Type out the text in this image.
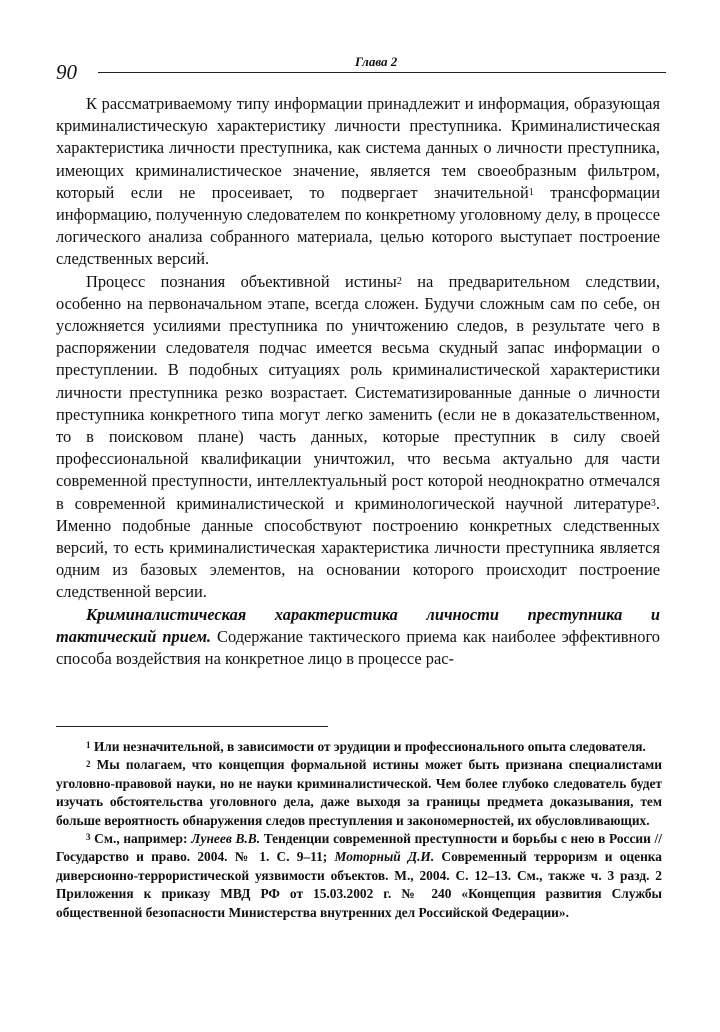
90	Глава 2

К рассматриваемому типу информации принадлежит и информация, образующая криминалистическую характеристику личности преступника. Криминалистическая характеристика личности преступника, как система данных о личности преступника, имеющих криминалистическое значение, является тем своеобразным фильтром, который если не просеивает, то подвергает значительной$^1$ трансформации информацию, полученную следователем по конкретному уголовному делу, в процессе логического анализа собранного материала, целью которого выступает построение следственных версий.

Процесс познания объективной истины$^2$ на предварительном следствии, особенно на первоначальном этапе, всегда сложен. Будучи сложным сам по себе, он усложняется усилиями преступника по уничтожению следов, в результате чего в распоряжении следователя подчас имеется весьма скудный запас информации о преступлении. В подобных ситуациях роль криминалистической характеристики личности преступника резко возрастает. Систематизированные данные о личности преступника конкретного типа могут легко заменить (если не в доказательственном, то в поисковом плане) часть данных, которые преступник в силу своей профессиональной квалификации уничтожил, что весьма актуально для части современной преступности, интеллектуальный рост которой неоднократно отмечался в современной криминалистической и криминологической научной литературе$^3$. Именно подобные данные способствуют построению конкретных следственных версий, то есть криминалистическая характеристика личности преступника является одним из базовых элементов, на основании которого происходит построение следственной версии.

Криминалистическая характеристика личности преступника и тактический прием. Содержание тактического приема как наиболее эффективного способа воздействия на конкретное лицо в процессе рас-

$^1$ Или незначительной, в зависимости от эрудиции и профессионального опыта следователя.

$^2$ Мы полагаем, что концепция формальной истины может быть признана специалистами уголовно-правовой науки, но не науки криминалистической. Чем более глубоко следователь будет изучать обстоятельства уголовного дела, даже выходя за границы предмета доказывания, тем больше вероятность обнаружения следов преступления и закономерностей, их обусловливающих.

$^3$ См., например: Лунеев В.В. Тенденции современной преступности и борьбы с нею в России // Государство и право. 2004. № 1. С. 9–11; Моторный Д.И. Современный терроризм и оценка диверсионно-террористической уязвимости объектов. М., 2004. С. 12–13. См., также ч. 3 разд. 2 Приложения к приказу МВД РФ от 15.03.2002 г. № 240 «Концепция развития Службы общественной безопасности Министерства внутренних дел Российской Федерации».
